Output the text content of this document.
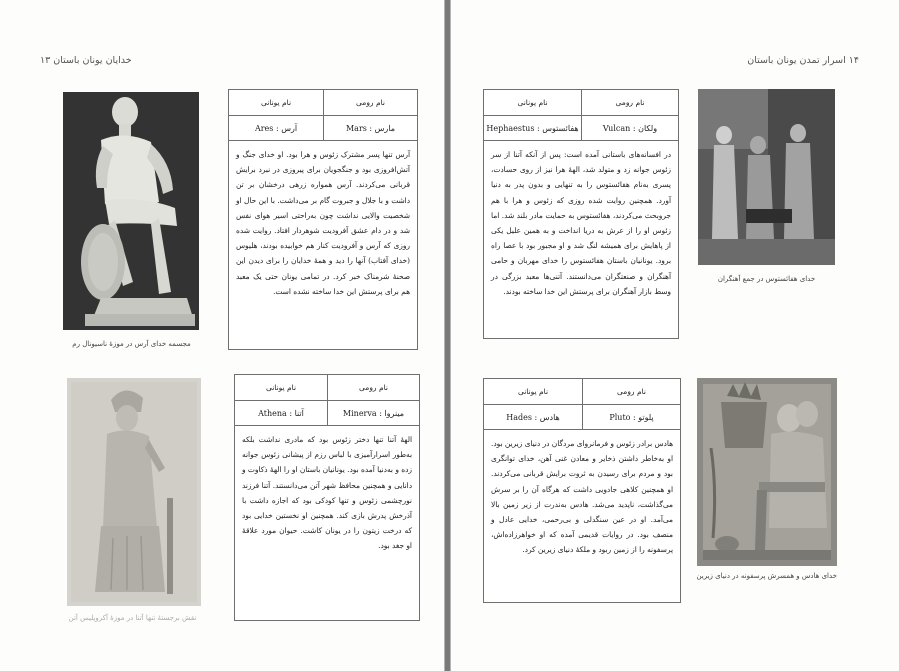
خدایان یونان باستان ۱۳
مجسمه خدای آرس در موزهٔ ناسیونال رم
نام یونانی	نام رومی
آرس : Ares	مارس : Mars
آرس تنها پسر مشترک زئوس و هرا بود. او خدای جنگ و آتش‌افروزی بود و جنگجویان برای پیروزی در نبرد برایش قربانی می‌کردند. آرس همواره زرهی درخشان بر تن داشت و با جلال و جبروت گام بر می‌داشت. با این حال او شخصیت والایی نداشت چون به‌راحتی اسیر هوای نفس شد و در دام عشق آفرودیت شوهردار افتاد. روایت شده روزی که آرس و آفرودیت کنار هم خوابیده بودند، هلیوس (خدای آفتاب) آنها را دید و همهٔ خدایان را برای دیدن این صحنهٔ شرمناک خبر کرد. در تمامی یونان حتی یک معبد هم برای پرستش این خدا ساخته نشده است.
نقش برجستهٔ تنها آتنا در موزهٔ آکروپلیس آتن
نام یونانی	نام رومی
آتنا : Athena	مینروا : Minerva
الههٔ آتنا تنها دختر زئوس بود که مادری نداشت بلکه به‌طور اسرارآمیزی با لباس رزم از پیشانی زئوس جوانه زده و به‌دنیا آمده بود. یونانیان باستان او را الههٔ ذکاوت و دانایی و همچنین محافظ شهر آتن می‌دانستند. آتنا فرزند نورچشمی زئوس و تنها کودکی بود که اجازه داشت با آذرخش پدرش بازی کند. همچنین او نخستین خدایی بود که درخت زیتون را در یونان کاشت. حیوان مورد علاقهٔ او جغد بود.
۱۴ اسرار تمدن یونان باستان
نام یونانی	نام رومی
هفائستوس : Hephaestus	ولکان : Vulcan
در افسانه‌های باستانی آمده است: پس از آنکه آتنا از سر زئوس جوانه زد و متولد شد، الههٔ هرا نیز از روی حسادت، پسری به‌نام هفائستوس را به تنهایی و بدون پدر به دنیا آورد. همچنین روایت شده روزی که زئوس و هرا با هم جرو‌بحث می‌کردند، هفائستوس به حمایت مادر بلند شد. اما زئوس او را از عرش به دریا انداخت و به همین علیل یکی از پاهایش برای همیشه لنگ شد و او مجبور بود با عصا راه برود. یونانیان باستان هفائستوس را خدای مهربان و حامی آهنگران و صنعتگران می‌دانستند. آتنی‌ها معبد بزرگی در وسط بازار آهنگران برای پرستش این خدا ساخته بودند.
خدای هفائستوس در جمع آهنگران
نام یونانی	نام رومی
هادس : Hades	پلوتو : Pluto
هادس برادر زئوس و فرمانروای مردگان در دنیای زیرین بود. او به‌خاطر داشتن ذخایر و معادن غنی آهن، خدای توانگری بود و مردم برای رسیدن به ثروت برایش قربانی می‌کردند. او همچنین کلاهی جادویی داشت که هرگاه آن را بر سرش می‌گذاشت، ناپدید می‌شد. هادس به‌ندرت از زیر زمین بالا می‌آمد. او در عین سنگدلی و بی‌رحمی، خدایی عادل و منصف بود. در روایات قدیمی آمده که او خواهرزاده‌اش، پرسفونه را از زمین ربود و ملکهٔ دنیای زیرین کرد.
خدای هادس و همسرش پرسفونه در دنیای زیرین
